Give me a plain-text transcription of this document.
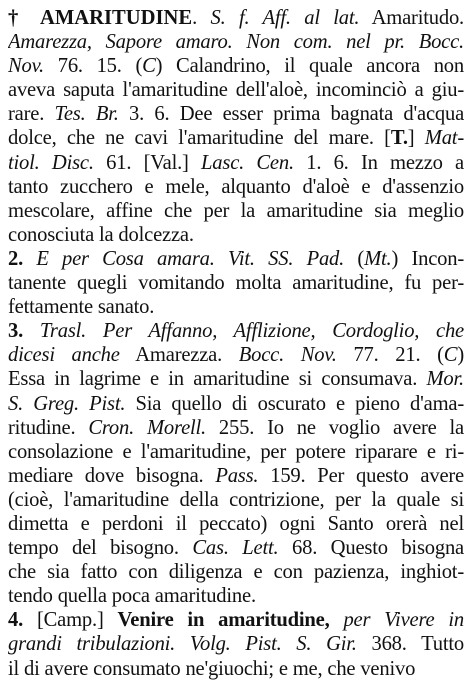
† AMARITUDINE. S. f. Aff. al lat. Amaritudo.
Amarezza, Sapore amaro. Non com. nel pr. Bocc.
Nov. 76. 15. (C) Calandrino, il quale ancora non
aveva saputa l'amaritudine dell'aloè, incominciò a giu-
rare. Tes. Br. 3. 6. Dee esser prima bagnata d'acqua
dolce, che ne cavi l'amaritudine del mare. [T.] Mat-
tiol. Disc. 61. [Val.] Lasc. Cen. 1. 6. In mezzo a
tanto zucchero e mele, alquanto d'aloè e d'assenzio
mescolare, affine che per la amaritudine sia meglio
conosciuta la dolcezza.
2. E per Cosa amara. Vit. SS. Pad. (Mt.) Incon-
tanente quegli vomitando molta amaritudine, fu per-
fettamente sanato.
3. Trasl. Per Affanno, Afflizione, Cordoglio, che
dicesi anche Amarezza. Bocc. Nov. 77. 21. (C)
Essa in lagrime e in amaritudine si consumava. Mor.
S. Greg. Pist. Sia quello di oscurato e pieno d'ama-
ritudine. Cron. Morell. 255. Io ne voglio avere la
consolazione e l'amaritudine, per potere riparare e ri-
mediare dove bisogna. Pass. 159. Per questo avere
(cioè, l'amaritudine della contrizione, per la quale si
dimetta e perdoni il peccato) ogni Santo orerà nel
tempo del bisogno. Cas. Lett. 68. Questo bisogna
che sia fatto con diligenza e con pazienza, inghiot-
tendo quella poca amaritudine.
4. [Camp.] Venire in amaritudine, per Vivere in
grandi tribulazioni. Volg. Pist. S. Gir. 368. Tutto
il di avere consumato ne'giuochi; e me, che venivo
